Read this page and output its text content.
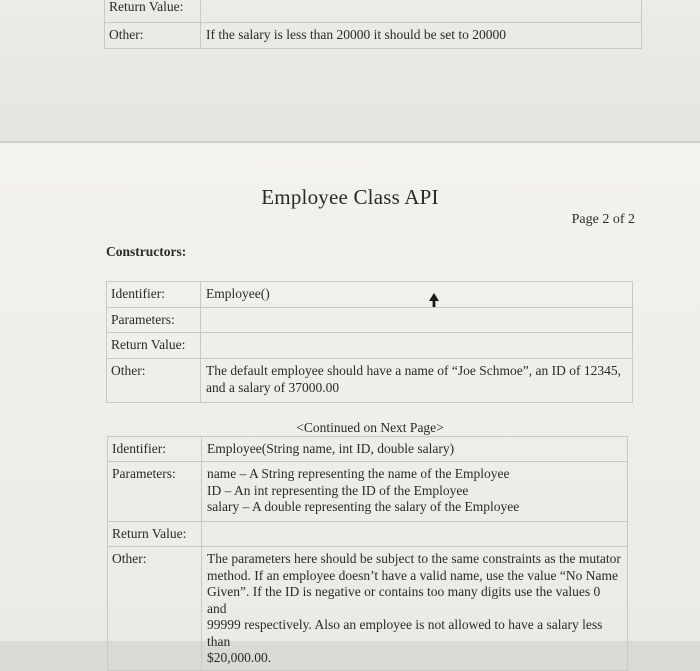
Return Value:	

Other:	If the salary is less than 20000 it should be set to 20000
Employee Class API
Page 2 of 2
Constructors:
Identifier:	Employee()

Parameters:	

Return Value:	

Other:	The default employee should have a name of “Joe Schmoe”, an ID of 12345,
and a salary of 37000.00
<Continued on Next Page>
Identifier:	Employee(String name, int ID, double salary)

Parameters:	name – A String representing the name of the Employee
ID – An int representing the ID of the Employee
salary – A double representing the salary of the Employee

Return Value:	

Other:	The parameters here should be subject to the same constraints as the mutator
method. If an employee doesn’t have a valid name, use the value “No Name
Given”. If the ID is negative or contains too many digits use the values 0 and
99999 respectively. Also an employee is not allowed to have a salary less than
$20,000.00.
